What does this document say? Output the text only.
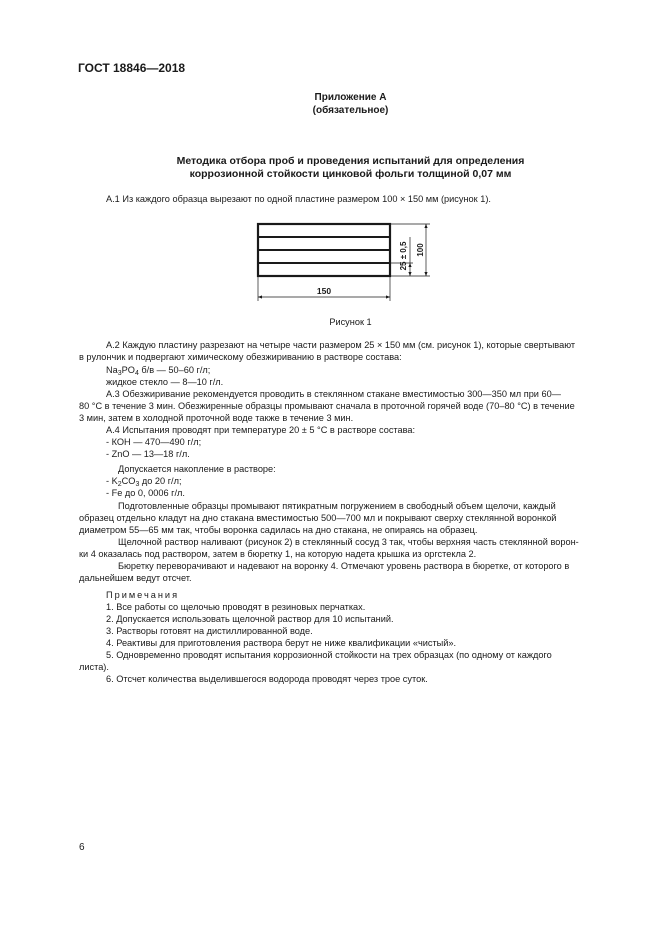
ГОСТ 18846—2018
Приложение А
(обязательное)
Методика отбора проб и проведения испытаний для определения
коррозионной стойкости цинковой фольги толщиной 0,07 мм
А.1 Из каждого образца вырезают по одной пластине размером 100 × 150 мм (рисунок 1).
150
25 ± 0,5 100
Рисунок 1
А.2 Каждую пластину разрезают на четыре части размером 25 × 150 мм (см. рисунок 1), которые свертывают
в рулончик и подвергают химическому обезжириванию в растворе состава:
$Na_3PO_4$ б/в — 50–60 г/л;
жидкое стекло — 8—10 г/л.
А.3 Обезжиривание рекомендуется проводить в стеклянном стакане вместимостью 300—350 мл при 60—
80 °С в течение 3 мин. Обезжиренные образцы промывают сначала в проточной горячей воде (70–80 °С) в течение
3 мин, затем в холодной проточной воде также в течение 3 мин.
А.4 Испытания проводят при температуре 20 ± 5 °С в растворе состава:
- КОН — 470—490 г/л;
- ZnO — 13—18 г/л.
Допускается накопление в растворе:
- $K_2CO_3$ до 20 г/л;
- Fe до 0, 0006 г/л.
Подготовленные образцы промывают пятикратным погружением в свободный объем щелочи, каждый
образец отдельно кладут на дно стакана вместимостью 500—700 мл и покрывают сверху стеклянной воронкой
диаметром 55—65 мм так, чтобы воронка садилась на дно стакана, не опираясь на образец.
Щелочной раствор наливают (рисунок 2) в стеклянный сосуд 3 так, чтобы верхняя часть стеклянной ворон-
ки 4 оказалась под раствором, затем в бюретку 1, на которую надета крышка из оргстекла 2.
Бюретку переворачивают и надевают на воронку 4. Отмечают уровень раствора в бюретке, от которого в
дальнейшем ведут отсчет.
Примечания
1. Все работы со щелочью проводят в резиновых перчатках.
2. Допускается использовать щелочной раствор для 10 испытаний.
3. Растворы готовят на дистиллированной воде.
4. Реактивы для приготовления раствора берут не ниже квалификации «чистый».
5. Одновременно проводят испытания коррозионной стойкости на трех образцах (по одному от каждого
листа).
6. Отсчет количества выделившегося водорода проводят через трое суток.
6
